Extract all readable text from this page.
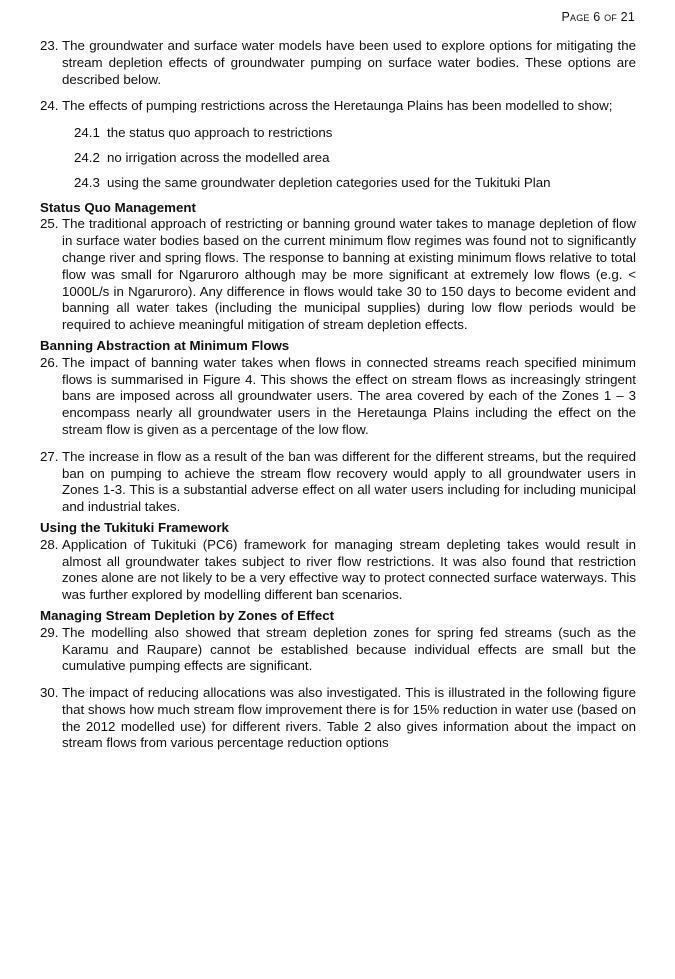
Page 6 of 21
23. The groundwater and surface water models have been used to explore options for mitigating the stream depletion effects of groundwater pumping on surface water bodies. These options are described below.
24. The effects of pumping restrictions across the Heretaunga Plains has been modelled to show;
24.1 the status quo approach to restrictions
24.2 no irrigation across the modelled area
24.3 using the same groundwater depletion categories used for the Tukituki Plan
Status Quo Management
25. The traditional approach of restricting or banning ground water takes to manage depletion of flow in surface water bodies based on the current minimum flow regimes was found not to significantly change river and spring flows. The response to banning at existing minimum flows relative to total flow was small for Ngaruroro although may be more significant at extremely low flows (e.g. < 1000L/s in Ngaruroro). Any difference in flows would take 30 to 150 days to become evident and banning all water takes (including the municipal supplies) during low flow periods would be required to achieve meaningful mitigation of stream depletion effects.
Banning Abstraction at Minimum Flows
26. The impact of banning water takes when flows in connected streams reach specified minimum flows is summarised in Figure 4. This shows the effect on stream flows as increasingly stringent bans are imposed across all groundwater users. The area covered by each of the Zones 1 – 3 encompass nearly all groundwater users in the Heretaunga Plains including the effect on the stream flow is given as a percentage of the low flow.
27. The increase in flow as a result of the ban was different for the different streams, but the required ban on pumping to achieve the stream flow recovery would apply to all groundwater users in Zones 1-3. This is a substantial adverse effect on all water users including for including municipal and industrial takes.
Using the Tukituki Framework
28. Application of Tukituki (PC6) framework for managing stream depleting takes would result in almost all groundwater takes subject to river flow restrictions. It was also found that restriction zones alone are not likely to be a very effective way to protect connected surface waterways. This was further explored by modelling different ban scenarios.
Managing Stream Depletion by Zones of Effect
29. The modelling also showed that stream depletion zones for spring fed streams (such as the Karamu and Raupare) cannot be established because individual effects are small but the cumulative pumping effects are significant.
30. The impact of reducing allocations was also investigated. This is illustrated in the following figure that shows how much stream flow improvement there is for 15% reduction in water use (based on the 2012 modelled use) for different rivers. Table 2 also gives information about the impact on stream flows from various percentage reduction options
